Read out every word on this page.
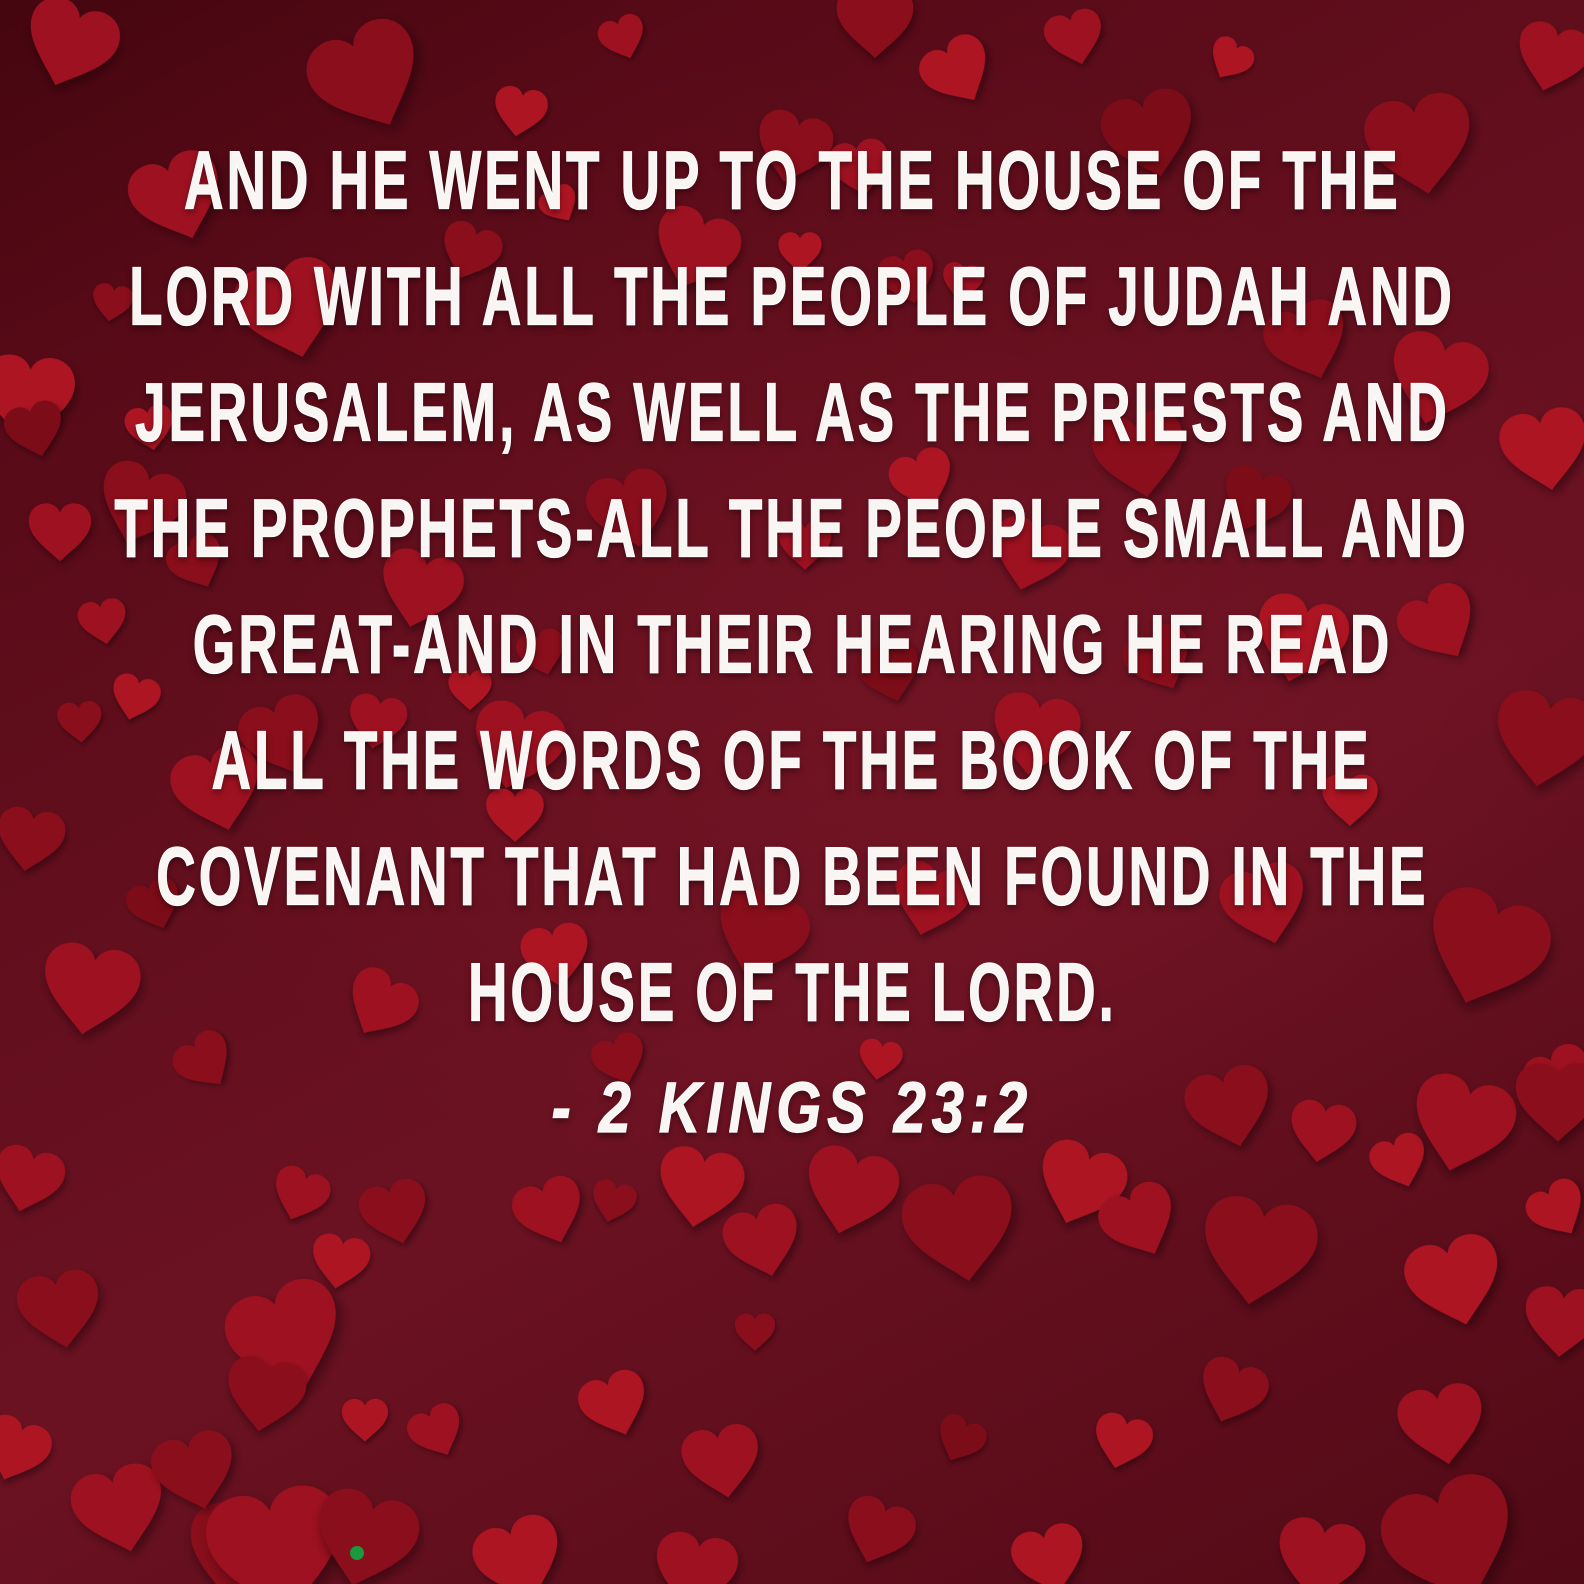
AND HE WENT UP TO THE HOUSE OF THE
LORD WITH ALL THE PEOPLE OF JUDAH AND
JERUSALEM, AS WELL AS THE PRIESTS AND
THE PROPHETS-ALL THE PEOPLE SMALL AND
GREAT-AND IN THEIR HEARING HE READ
ALL THE WORDS OF THE BOOK OF THE
COVENANT THAT HAD BEEN FOUND IN THE
HOUSE OF THE LORD.
- 2 KINGS 23:2
